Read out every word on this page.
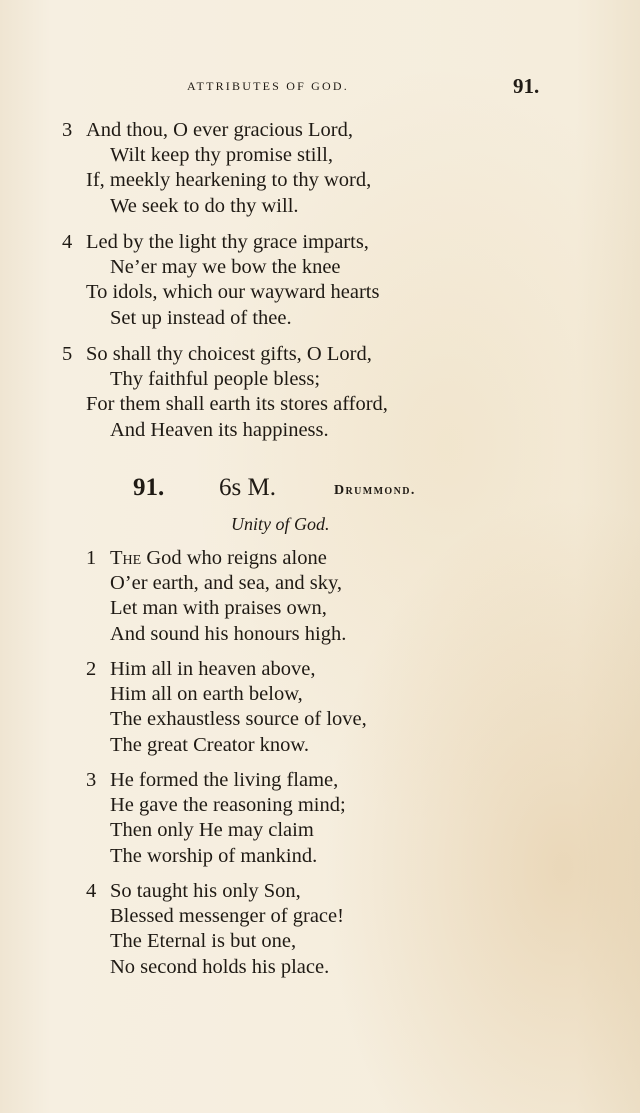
ATTRIBUTES OF GOD.	91.
3 And thou, O ever gracious Lord,
Wilt keep thy promise still,
If, meekly hearkening to thy word,
We seek to do thy will.
4 Led by the light thy grace imparts,
Ne’er may we bow the knee
To idols, which our wayward hearts
Set up instead of thee.
5 So shall thy choicest gifts, O Lord,
Thy faithful people bless;
For them shall earth its stores afford,
And Heaven its happiness.
91. 6s M.	Drummond.
Unity of God.
1 The God who reigns alone
O’er earth, and sea, and sky,
Let man with praises own,
And sound his honours high.
2 Him all in heaven above,
Him all on earth below,
The exhaustless source of love,
The great Creator know.
3 He formed the living flame,
He gave the reasoning mind;
Then only He may claim
The worship of mankind.
4 So taught his only Son,
Blessed messenger of grace!
The Eternal is but one,
No second holds his place.
